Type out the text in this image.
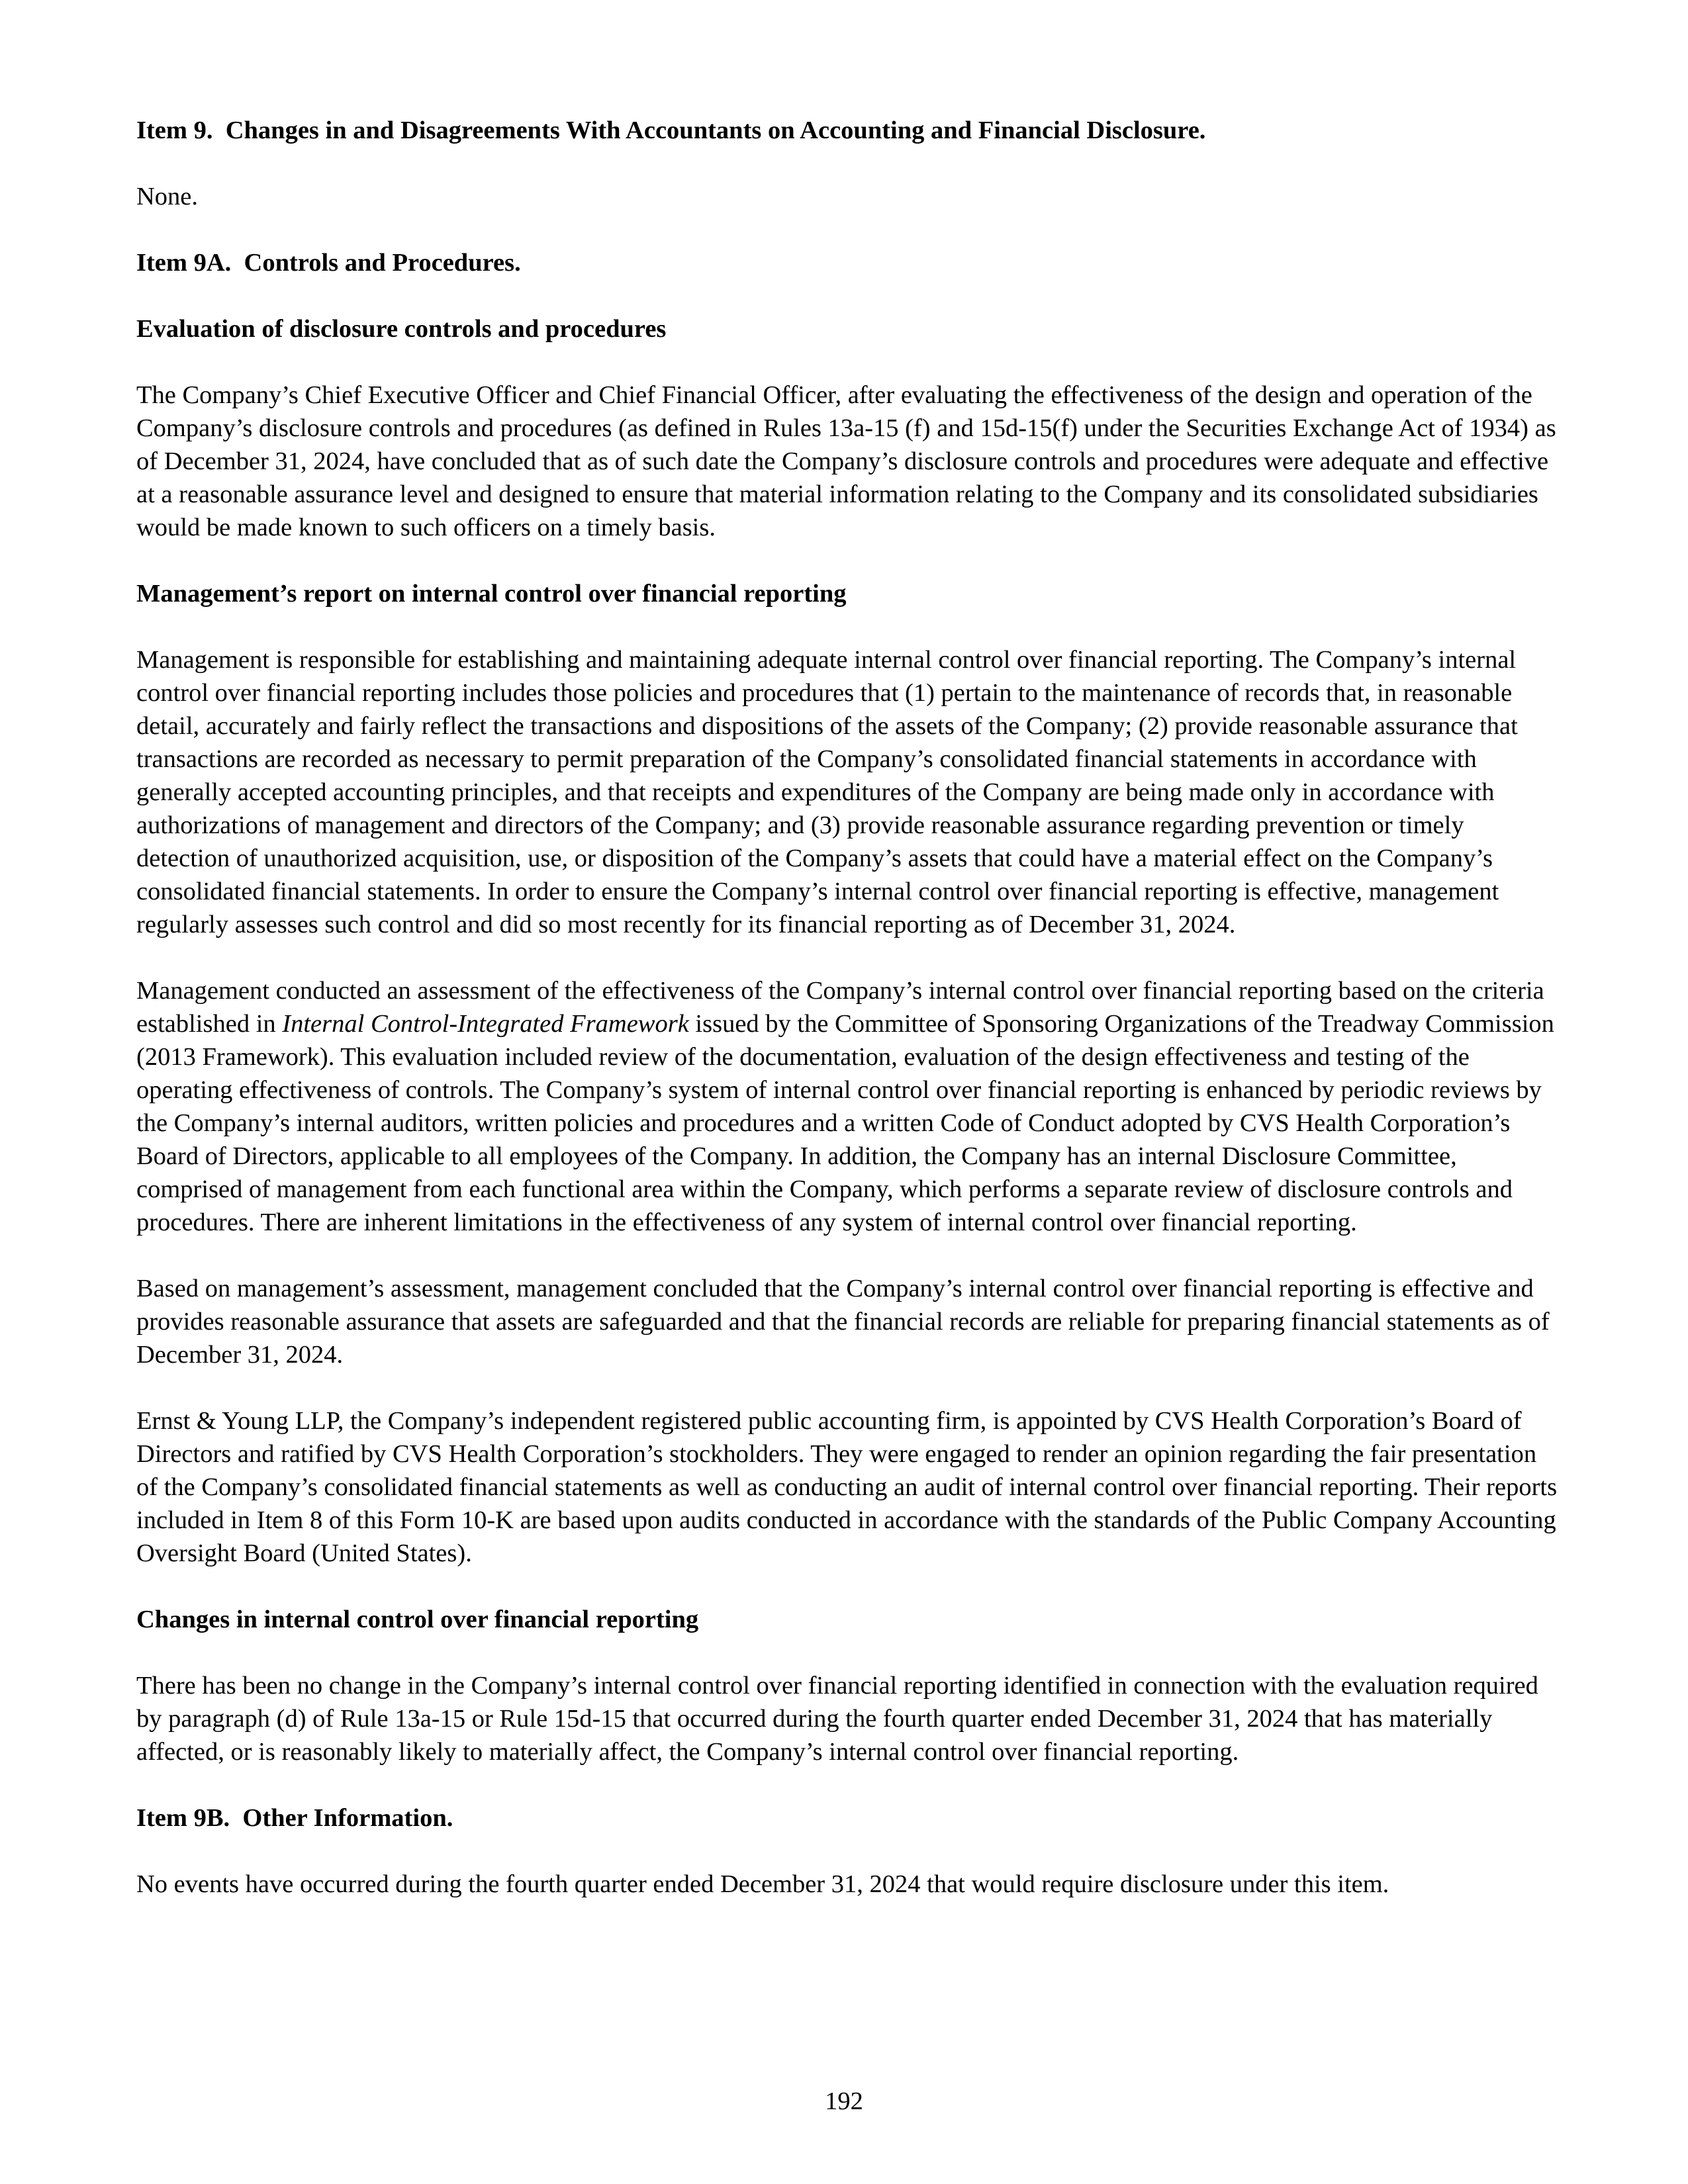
Item 9.  Changes in and Disagreements With Accountants on Accounting and Financial Disclosure.
None.
Item 9A.  Controls and Procedures.
Evaluation of disclosure controls and procedures
The Company’s Chief Executive Officer and Chief Financial Officer, after evaluating the effectiveness of the design and operation of the Company’s disclosure controls and procedures (as defined in Rules 13a-15 (f) and 15d-15(f) under the Securities Exchange Act of 1934) as of December 31, 2024, have concluded that as of such date the Company’s disclosure controls and procedures were adequate and effective at a reasonable assurance level and designed to ensure that material information relating to the Company and its consolidated subsidiaries would be made known to such officers on a timely basis.
Management’s report on internal control over financial reporting
Management is responsible for establishing and maintaining adequate internal control over financial reporting. The Company’s internal control over financial reporting includes those policies and procedures that (1) pertain to the maintenance of records that, in reasonable detail, accurately and fairly reflect the transactions and dispositions of the assets of the Company; (2) provide reasonable assurance that transactions are recorded as necessary to permit preparation of the Company’s consolidated financial statements in accordance with generally accepted accounting principles, and that receipts and expenditures of the Company are being made only in accordance with authorizations of management and directors of the Company; and (3) provide reasonable assurance regarding prevention or timely detection of unauthorized acquisition, use, or disposition of the Company’s assets that could have a material effect on the Company’s consolidated financial statements. In order to ensure the Company’s internal control over financial reporting is effective, management regularly assesses such control and did so most recently for its financial reporting as of December 31, 2024.
Management conducted an assessment of the effectiveness of the Company’s internal control over financial reporting based on the criteria established in Internal Control-Integrated Framework issued by the Committee of Sponsoring Organizations of the Treadway Commission (2013 Framework). This evaluation included review of the documentation, evaluation of the design effectiveness and testing of the operating effectiveness of controls. The Company’s system of internal control over financial reporting is enhanced by periodic reviews by the Company’s internal auditors, written policies and procedures and a written Code of Conduct adopted by CVS Health Corporation’s Board of Directors, applicable to all employees of the Company. In addition, the Company has an internal Disclosure Committee, comprised of management from each functional area within the Company, which performs a separate review of disclosure controls and procedures. There are inherent limitations in the effectiveness of any system of internal control over financial reporting.
Based on management’s assessment, management concluded that the Company’s internal control over financial reporting is effective and provides reasonable assurance that assets are safeguarded and that the financial records are reliable for preparing financial statements as of December 31, 2024.
Ernst & Young LLP, the Company’s independent registered public accounting firm, is appointed by CVS Health Corporation’s Board of Directors and ratified by CVS Health Corporation’s stockholders. They were engaged to render an opinion regarding the fair presentation of the Company’s consolidated financial statements as well as conducting an audit of internal control over financial reporting. Their reports included in Item 8 of this Form 10-K are based upon audits conducted in accordance with the standards of the Public Company Accounting Oversight Board (United States).
Changes in internal control over financial reporting
There has been no change in the Company’s internal control over financial reporting identified in connection with the evaluation required by paragraph (d) of Rule 13a-15 or Rule 15d-15 that occurred during the fourth quarter ended December 31, 2024 that has materially affected, or is reasonably likely to materially affect, the Company’s internal control over financial reporting.
Item 9B.  Other Information.
No events have occurred during the fourth quarter ended December 31, 2024 that would require disclosure under this item.
192
